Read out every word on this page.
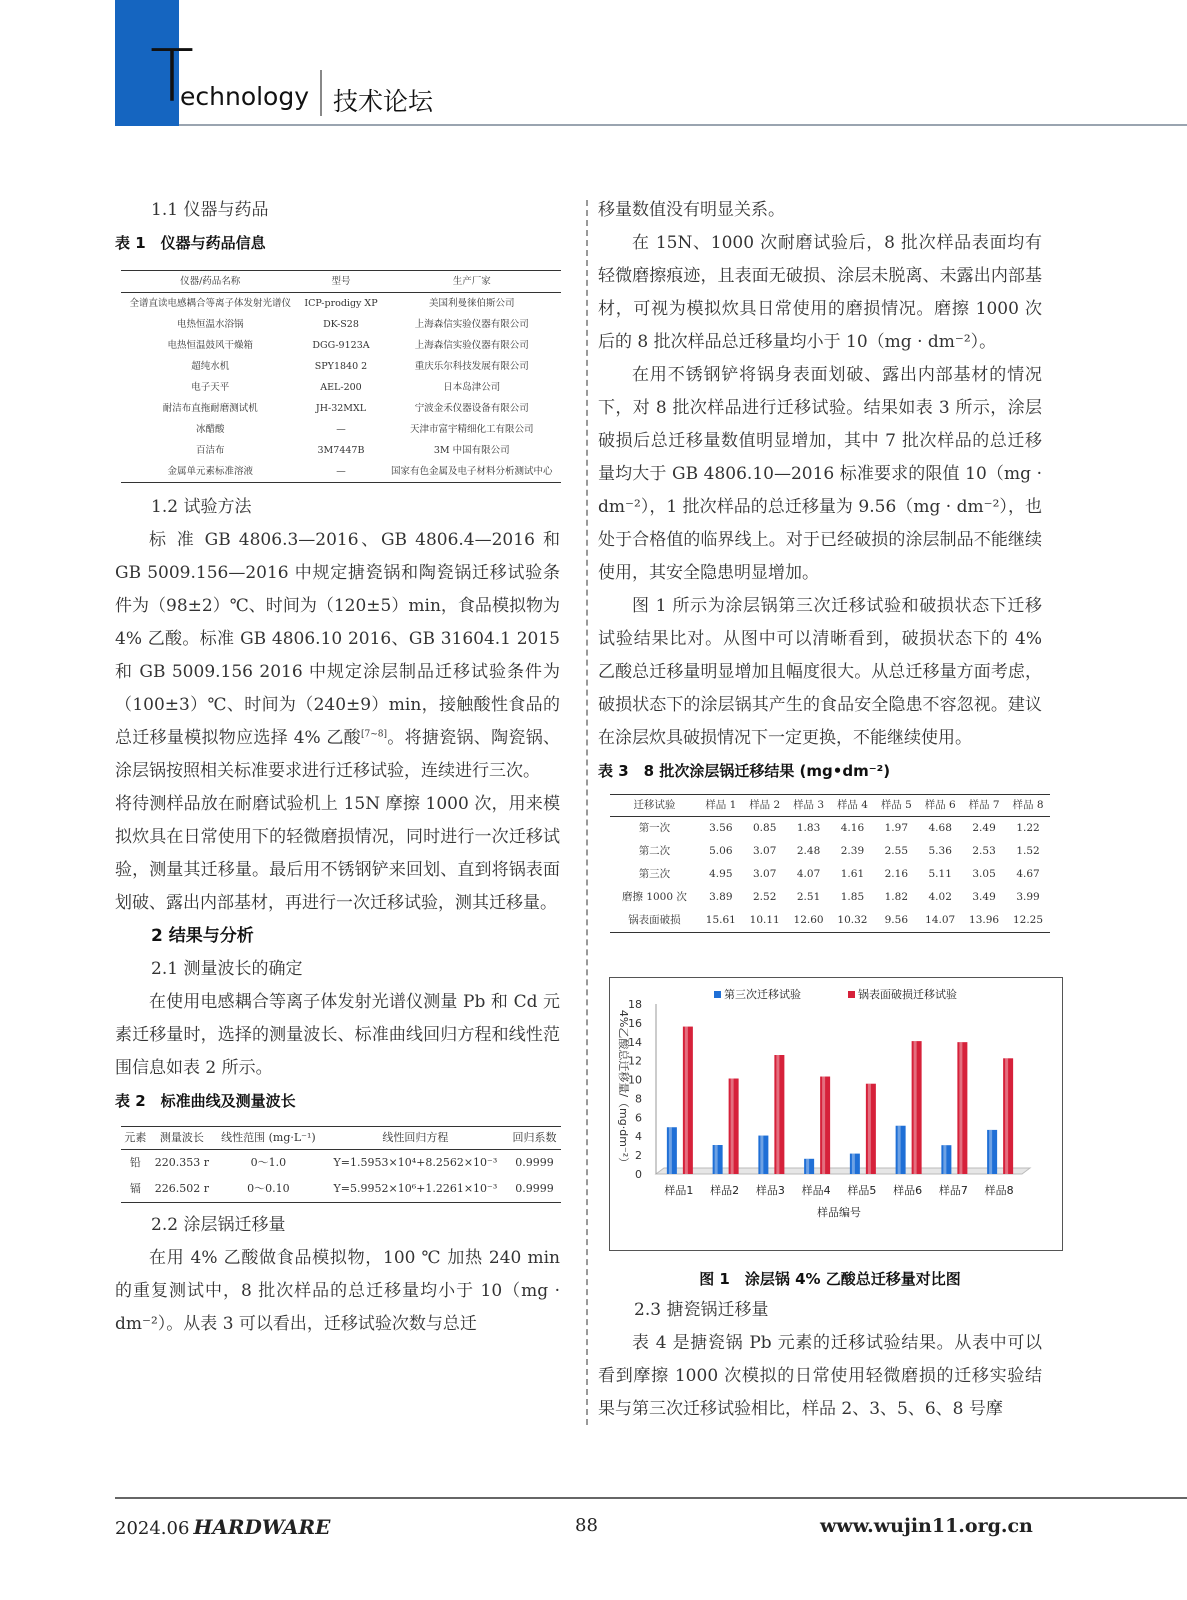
T
echnology 技术论坛

1.1 仪器与药品

表 1　仪器与药品信息

仪器/药品名称	型号	生产厂家
全谱直读电感耦合等离子体发射光谱仪	ICP-prodigy XP	美国利曼徕伯斯公司
电热恒温水浴锅	DK-S28	上海森信实验仪器有限公司
电热恒温鼓风干燥箱	DGG-9123A	上海森信实验仪器有限公司
超纯水机	SPY1840 2	重庆乐尔科技发展有限公司
电子天平	AEL-200	日本岛津公司
耐洁布直拖耐磨测试机	JH-32MXL	宁波金禾仪器设备有限公司
冰醋酸	—	天津市富宇精细化工有限公司
百洁布	3M7447B	3M 中国有限公司
金属单元素标准溶液	—	国家有色金属及电子材料分析测试中心

1.2 试验方法

标 准 GB 4806.3—2016、GB 4806.4—2016 和 GB 5009.156—2016 中规定搪瓷锅和陶瓷锅迁移试验条件为（98±2）℃、时间为（120±5）min，食品模拟物为 4% 乙酸。标准 GB 4806.10 2016、GB 31604.1 2015 和 GB 5009.156 2016 中规定涂层制品迁移试验条件为（100±3）℃、时间为（240±9）min，接触酸性食品的总迁移量模拟物应选择 4% 乙酸[7~8]。将搪瓷锅、陶瓷锅、涂层锅按照相关标准要求进行迁移试验，连续进行三次。

将待测样品放在耐磨试验机上 15N 摩擦 1000 次，用来模拟炊具在日常使用下的轻微磨损情况，同时进行一次迁移试验，测量其迁移量。最后用不锈钢铲来回划、直到将锅表面划破、露出内部基材，再进行一次迁移试验，测其迁移量。

2 结果与分析

2.1 测量波长的确定

在使用电感耦合等离子体发射光谱仪测量 Pb 和 Cd 元素迁移量时，选择的测量波长、标准曲线回归方程和线性范围信息如表 2 所示。

表 2　标准曲线及测量波长

元素	测量波长	线性范围 (mg·L⁻¹)	线性回归方程	回归系数
铅	220.353 r	0～1.0	Y=1.5953×10⁴+8.2562×10⁻³	0.9999
镉	226.502 r	0～0.10	Y=5.9952×10⁶+1.2261×10⁻³	0.9999

2.2 涂层锅迁移量

在用 4% 乙酸做食品模拟物，100 ℃ 加热 240 min 的重复测试中，8 批次样品的总迁移量均小于 10（mg · dm⁻²）。从表 3 可以看出，迁移试验次数与总迁

移量数值没有明显关系。

在 15N、1000 次耐磨试验后，8 批次样品表面均有轻微磨擦痕迹，且表面无破损、涂层未脱离、未露出内部基材，可视为模拟炊具日常使用的磨损情况。磨擦 1000 次后的 8 批次样品总迁移量均小于 10（mg · dm⁻²）。

在用不锈钢铲将锅身表面划破、露出内部基材的情况下，对 8 批次样品进行迁移试验。结果如表 3 所示，涂层破损后总迁移量数值明显增加，其中 7 批次样品的总迁移量均大于 GB 4806.10—2016 标准要求的限值 10（mg · dm⁻²），1 批次样品的总迁移量为 9.56（mg · dm⁻²），也处于合格值的临界线上。对于已经破损的涂层制品不能继续使用，其安全隐患明显增加。

图 1 所示为涂层锅第三次迁移试验和破损状态下迁移试验结果比对。从图中可以清晰看到，破损状态下的 4% 乙酸总迁移量明显增加且幅度很大。从总迁移量方面考虑，破损状态下的涂层锅其产生的食品安全隐患不容忽视。建议在涂层炊具破损情况下一定更换，不能继续使用。

表 3　8 批次涂层锅迁移结果 (mg•dm⁻²)

迁移试验	样品 1	样品 2	样品 3	样品 4	样品 5	样品 6	样品 7	样品 8
第一次	3.56	0.85	1.83	4.16	1.97	4.68	2.49	1.22
第二次	5.06	3.07	2.48	2.39	2.55	5.36	2.53	1.52
第三次	4.95	3.07	4.07	1.61	2.16	5.11	3.05	4.67
磨擦 1000 次	3.89	2.52	2.51	1.85	1.82	4.02	3.49	3.99
锅表面破损	15.61	10.11	12.60	10.32	9.56	14.07	13.96	12.25
0
2
4
6
8
10
12
14
16
18
4%乙酸总迁移量/（mg·dm⁻²）
样品1 样品2 样品3 样品4 样品5 样品6 样品7 样品8
样品编号
第三次迁移试验	锅表面破损迁移试验
图 1　涂层锅 4% 乙酸总迁移量对比图

2.3 搪瓷锅迁移量

表 4 是搪瓷锅 Pb 元素的迁移试验结果。从表中可以看到摩擦 1000 次模拟的日常使用轻微磨损的迁移实验结果与第三次迁移试验相比，样品 2、3、5、6、8 号摩

2024.06 HARDWARE	88	www.wujin11.org.cn
